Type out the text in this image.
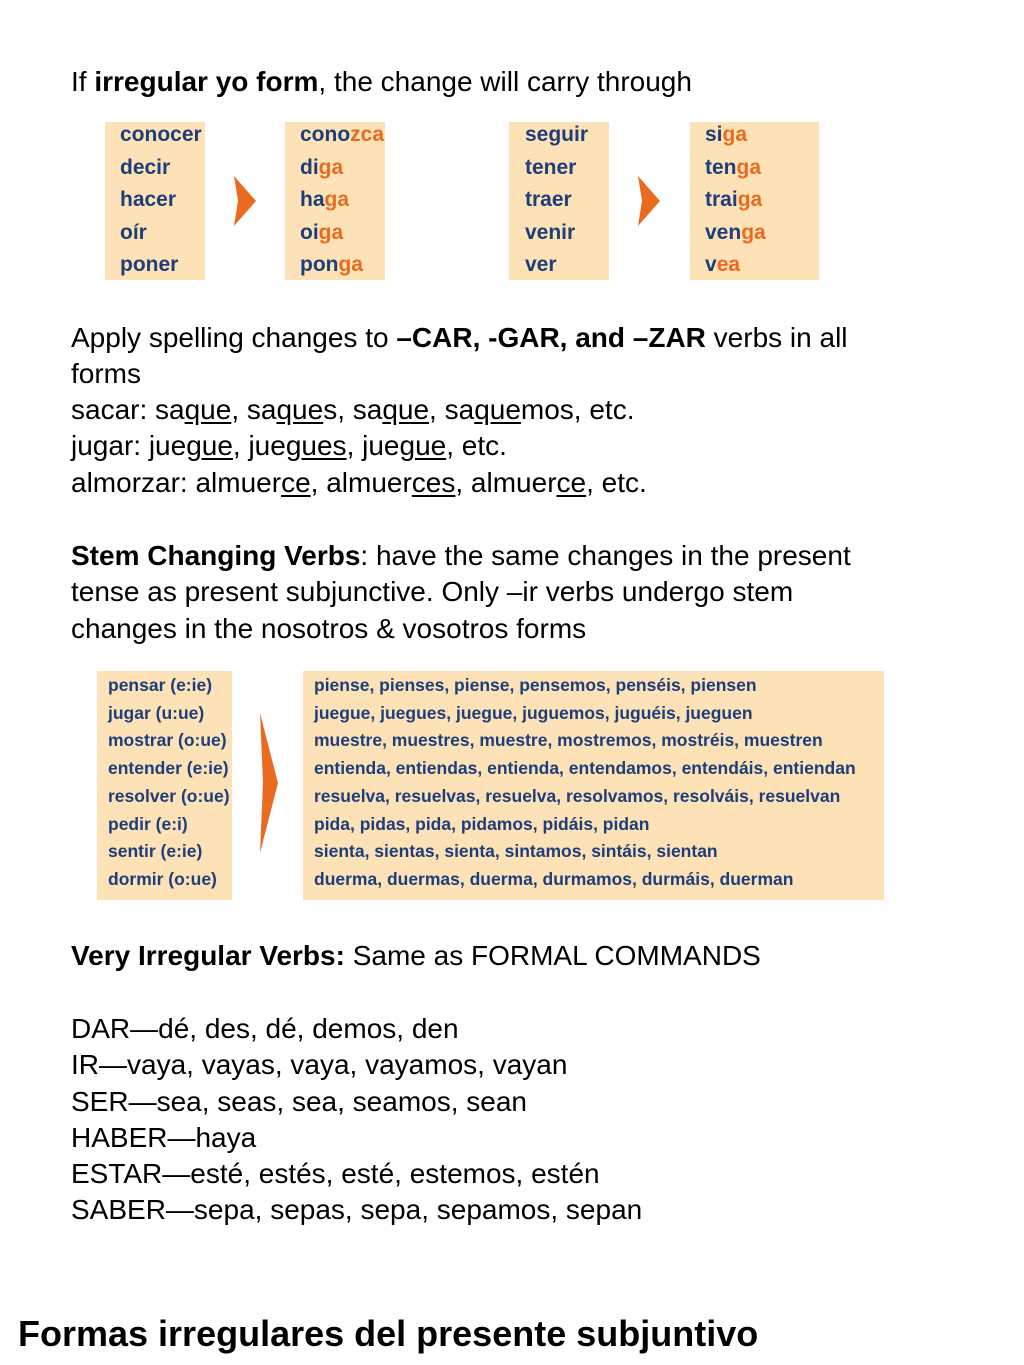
If irregular yo form, the change will carry through
conocer
decir
hacer
oír
poner
conozca
diga
haga
oiga
ponga
seguir
tener
traer
venir
ver
siga
tenga
traiga
venga
vea
Apply spelling changes to –CAR, -GAR, and –ZAR verbs in all
forms
sacar: saque, saques, saque, saquemos, etc.
jugar: juegue, juegues, juegue, etc.
almorzar: almuerce, almuerces, almuerce, etc.
Stem Changing Verbs: have the same changes in the present
tense as present subjunctive. Only –ir verbs undergo stem
changes in the nosotros & vosotros forms
pensar (e:ie)
jugar (u:ue)
mostrar (o:ue)
entender (e:ie)
resolver (o:ue)
pedir (e:i)
sentir (e:ie)
dormir (o:ue)
piense, pienses, piense, pensemos, penséis, piensen
juegue, juegues, juegue, juguemos, juguéis, jueguen
muestre, muestres, muestre, mostremos, mostréis, muestren
entienda, entiendas, entienda, entendamos, entendáis, entiendan
resuelva, resuelvas, resuelva, resolvamos, resolváis, resuelvan
pida, pidas, pida, pidamos, pidáis, pidan
sienta, sientas, sienta, sintamos, sintáis, sientan
duerma, duermas, duerma, durmamos, durmáis, duerman
Very Irregular Verbs: Same as FORMAL COMMANDS
DAR—dé, des, dé, demos, den
IR—vaya, vayas, vaya, vayamos, vayan
SER—sea, seas, sea, seamos, sean
HABER—haya
ESTAR—esté, estés, esté, estemos, estén
SABER—sepa, sepas, sepa, sepamos, sepan
Formas irregulares del presente subjuntivo
